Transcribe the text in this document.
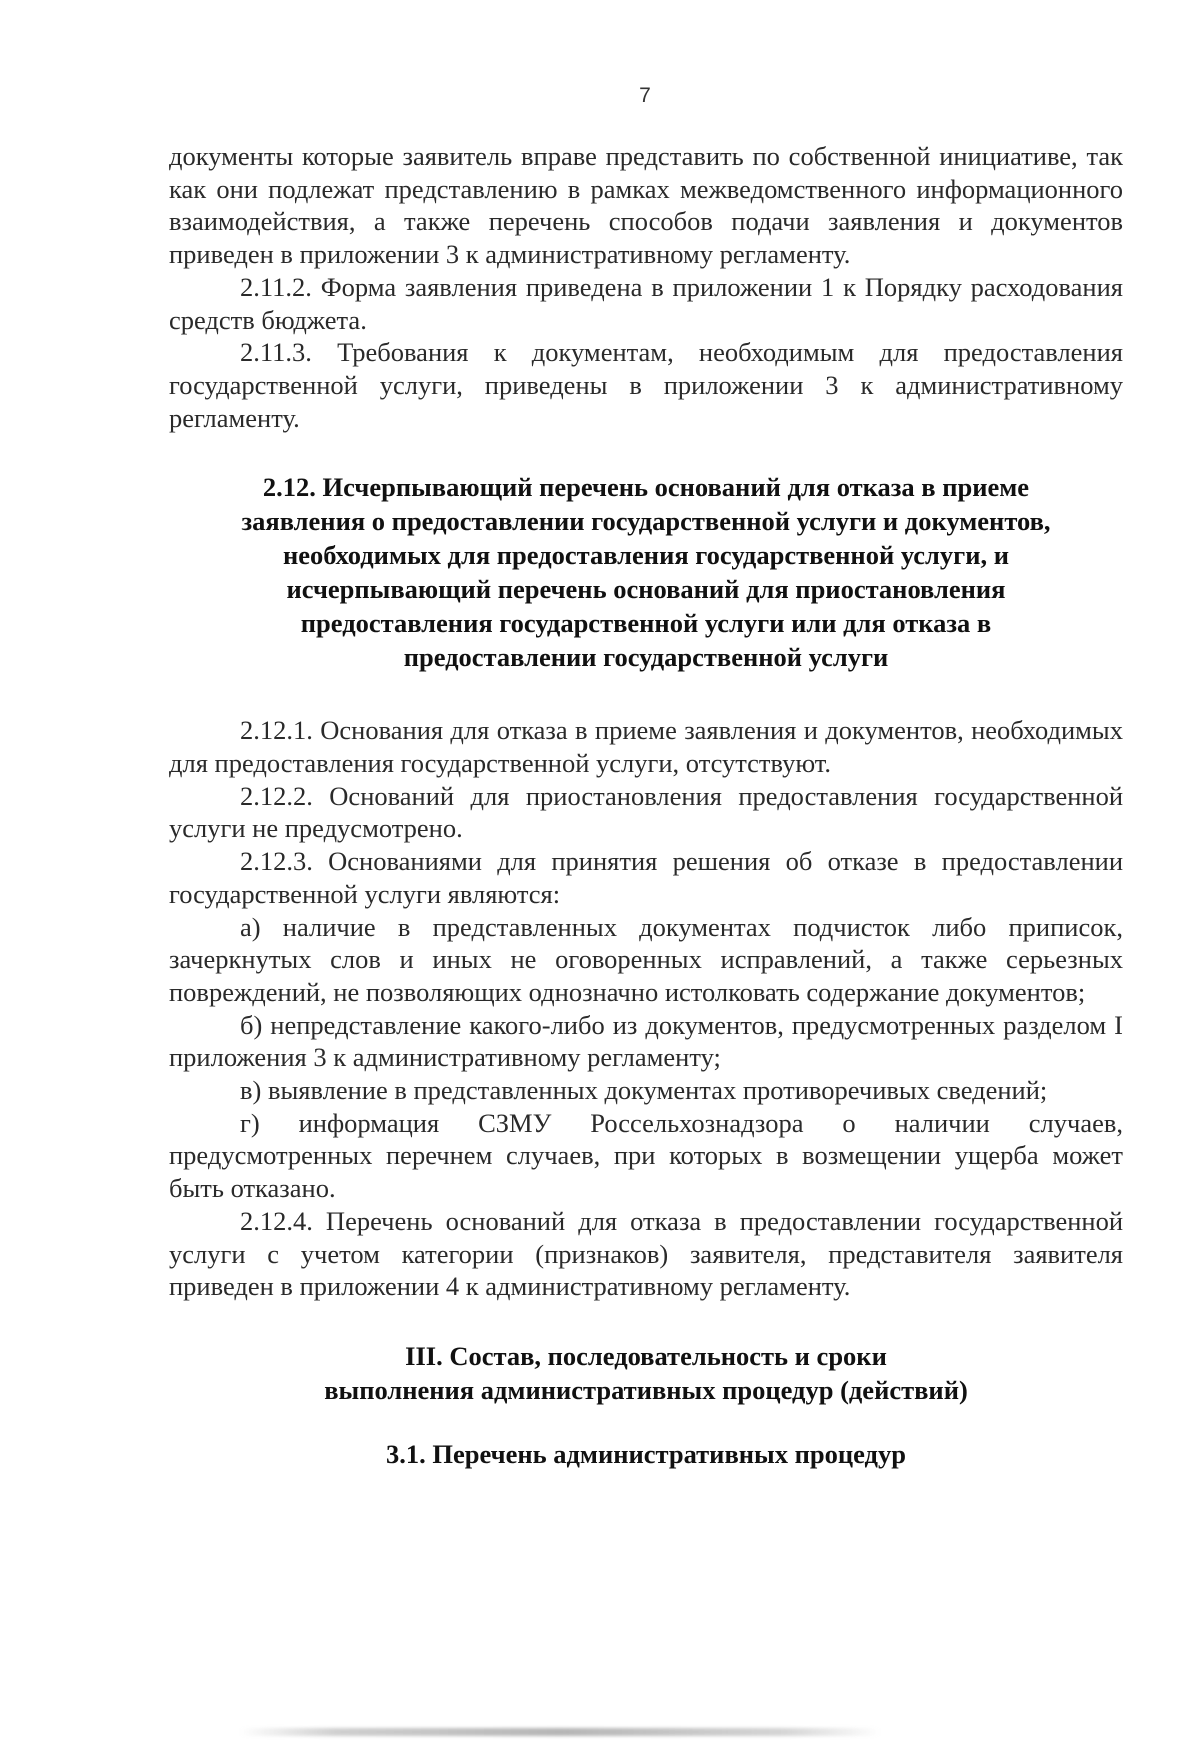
7

документы которые заявитель вправе представить по собственной инициативе, так как они подлежат представлению в рамках межведомственного информационного взаимодействия, а также перечень способов подачи заявления и документов приведен в приложении 3 к административному регламенту.

2.11.2. Форма заявления приведена в приложении 1 к Порядку расходования средств бюджета.

2.11.3. Требования к документам, необходимым для предоставления государственной услуги, приведены в приложении 3 к административному регламенту.

2.12. Исчерпывающий перечень оснований для отказа в приеме
заявления о предоставлении государственной услуги и документов,
необходимых для предоставления государственной услуги, и
исчерпывающий перечень оснований для приостановления
предоставления государственной услуги или для отказа в
предоставлении государственной услуги

2.12.1. Основания для отказа в приеме заявления и документов, необходимых для предоставления государственной услуги, отсутствуют.

2.12.2. Оснований для приостановления предоставления государственной услуги не предусмотрено.

2.12.3. Основаниями для принятия решения об отказе в предоставлении государственной услуги являются:

а) наличие в представленных документах подчисток либо приписок, зачеркнутых слов и иных не оговоренных исправлений, а также серьезных повреждений, не позволяющих однозначно истолковать содержание документов;

б) непредставление какого-либо из документов, предусмотренных разделом I приложения 3 к административному регламенту;

в) выявление в представленных документах противоречивых сведений;

г) информация СЗМУ Россельхознадзора о наличии случаев, предусмотренных перечнем случаев, при которых в возмещении ущерба может быть отказано.

2.12.4. Перечень оснований для отказа в предоставлении государственной услуги с учетом категории (признаков) заявителя, представителя заявителя приведен в приложении 4 к административному регламенту.

III. Состав, последовательность и сроки
выполнения административных процедур (действий)
3.1. Перечень административных процедур
